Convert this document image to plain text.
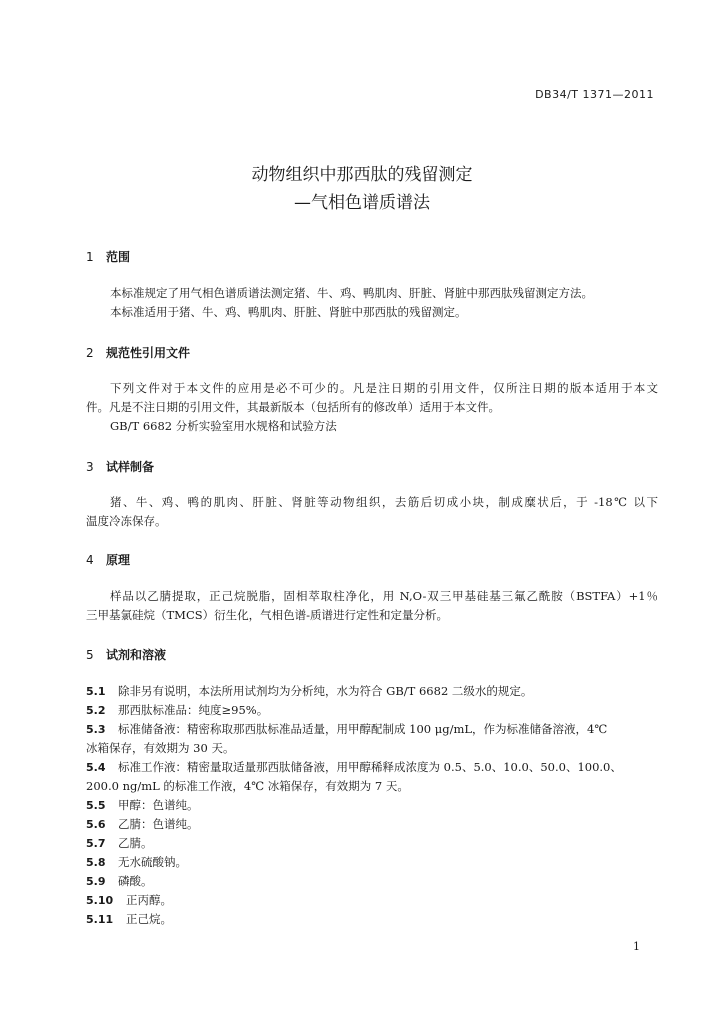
DB34/T 1371—2011
动物组织中那西肽的残留测定
—气相色谱质谱法
1 范围
本标准规定了用气相色谱质谱法测定猪、牛、鸡、鸭肌肉、肝脏、肾脏中那西肽残留测定方法。
本标准适用于猪、牛、鸡、鸭肌肉、肝脏、肾脏中那西肽的残留测定。
2 规范性引用文件
下列文件对于本文件的应用是必不可少的。凡是注日期的引用文件，仅所注日期的版本适用于本文
件。凡是不注日期的引用文件，其最新版本（包括所有的修改单）适用于本文件。
GB/T 6682 分析实验室用水规格和试验方法
3 试样制备
猪、牛、鸡、鸭的肌肉、肝脏、肾脏等动物组织，去筋后切成小块，制成糜状后，于 -18℃ 以下
温度冷冻保存。
4 原理
样品以乙腈提取，正己烷脱脂，固相萃取柱净化，用 N,O-双三甲基硅基三氟乙酰胺（BSTFA）+1％
三甲基氯硅烷（TMCS）衍生化，气相色谱-质谱进行定性和定量分析。
5 试剂和溶液
5.1 除非另有说明，本法所用试剂均为分析纯，水为符合 GB/T 6682 二级水的规定。
5.2 那西肽标准品：纯度≥95%。
5.3 标准储备液：精密称取那西肽标准品适量，用甲醇配制成 100 μg/mL，作为标准储备溶液，4℃
冰箱保存，有效期为 30 天。
5.4 标准工作液：精密量取适量那西肽储备液，用甲醇稀释成浓度为 0.5、5.0、10.0、50.0、100.0、
200.0 ng/mL 的标准工作液，4℃ 冰箱保存，有效期为 7 天。
5.5 甲醇：色谱纯。
5.6 乙腈：色谱纯。
5.7 乙腈。
5.8 无水硫酸钠。
5.9 磷酸。
5.10 正丙醇。
5.11 正己烷。
1
